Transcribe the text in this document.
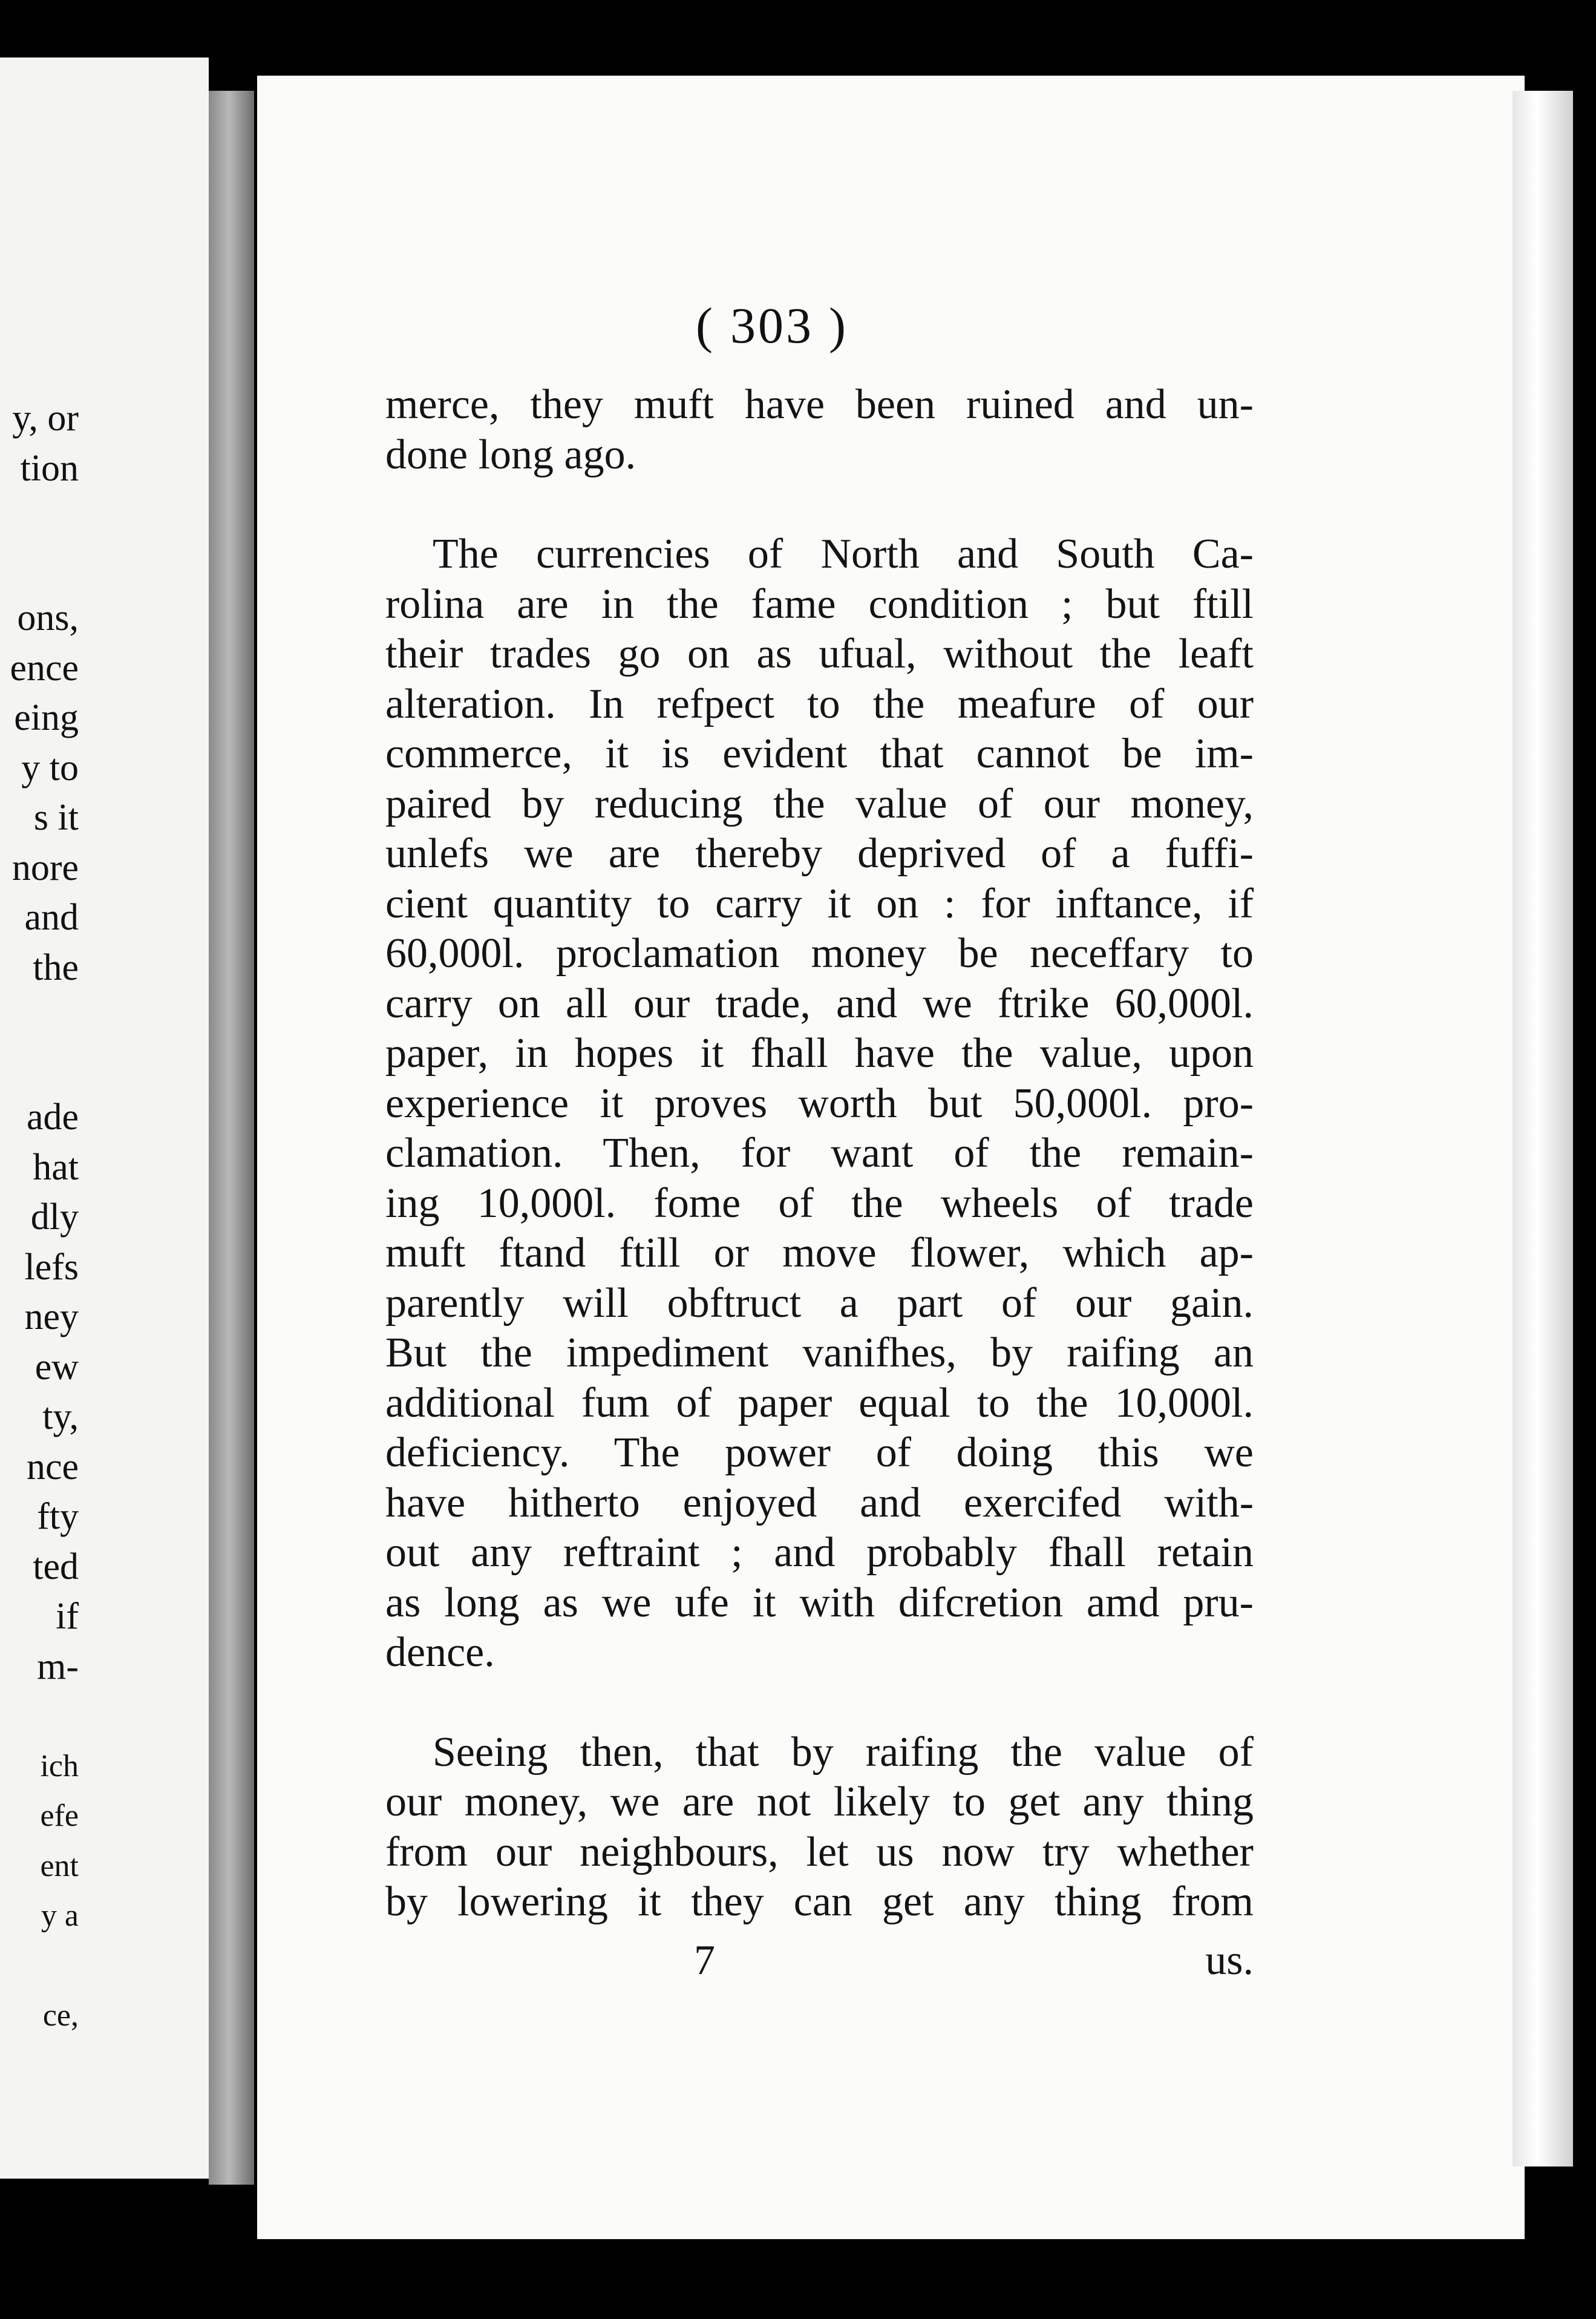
y, or
tion
ons,
ence
eing
y to
s it
nore
and
the
ade
hat
dly
lefs
ney
ew
ty,
nce
fty
ted
if
m-
ich
efe
ent
y a
ce,
( 303 )

merce, they muft have been ruined and un-
done long ago.

The currencies of North and South Ca-
rolina are in the fame condition ; but ftill
their trades go on as ufual, without the leaft
alteration. In refpect to the meafure of our
commerce, it is evident that cannot be im-
paired by reducing the value of our money,
unlefs we are thereby deprived of a fuffi-
cient quantity to carry it on : for inftance, if
60,000l. proclamation money be neceffary to
carry on all our trade, and we ftrike 60,000l.
paper, in hopes it fhall have the value, upon
experience it proves worth but 50,000l. pro-
clamation. Then, for want of the remain-
ing 10,000l. fome of the wheels of trade
muft ftand ftill or move flower, which ap-
parently will obftruct a part of our gain.
But the impediment vanifhes, by raifing an
additional fum of paper equal to the 10,000l.
deficiency. The power of doing this we
have hitherto enjoyed and exercifed with-
out any reftraint ; and probably fhall retain
as long as we ufe it with difcretion amd pru-
dence.

Seeing then, that by raifing the value of
our money, we are not likely to get any thing
from our neighbours, let us now try whether
by lowering it they can get any thing from

7	us.
